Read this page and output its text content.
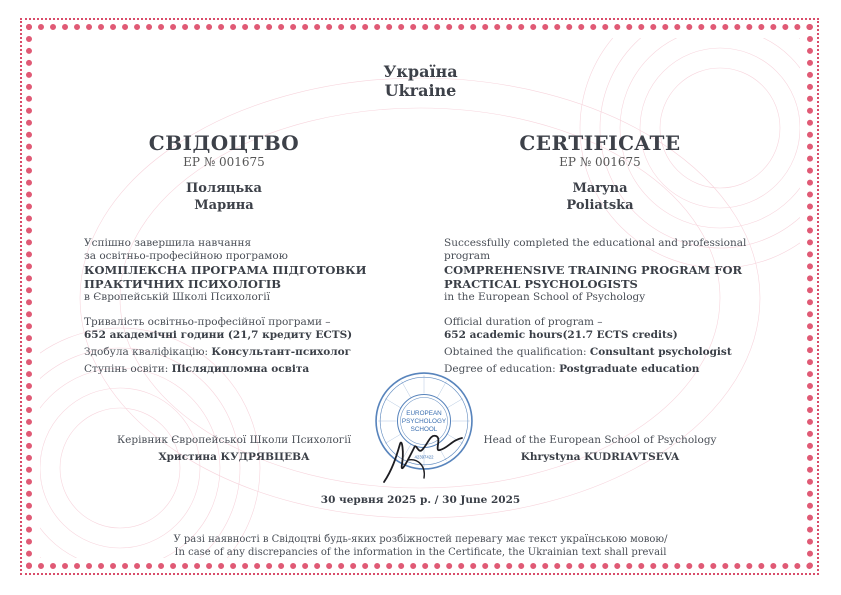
Україна
Ukraine
СВІДОЦТВО
ЕР № 001675
Поляцька
Марина
Успішно завершила навчання
за освітньо-професійною програмою
КОМПЛЕКСНА ПРОГРАМА ПІДГОТОВКИ
ПРАКТИЧНИХ ПСИХОЛОГІВ
в Європейській Школі Психології
Тривалість освітньо-професійної програми –
652 академічні години (21,7 кредиту ECTS)
Здобула кваліфікацію: Консультант-психолог
Ступінь освіти: Післядипломна освіта
Керівник Європейської Школи Психології
Христина КУДРЯВЦЕВА
CERTIFICATE
ЕР № 001675
Maryna
Poliatska
Successfully completed the educational and professional
program
COMPREHENSIVE TRAINING PROGRAM FOR
PRACTICAL PSYCHOLOGISTS
in the European School of Psychology
Official duration of program –
652 academic hours(21.7 ECTS credits)
Obtained the qualification: Consultant psychologist
Degree of education: Postgraduate education
Head of the European School of Psychology
Khrystyna KUDRIAVTSEVA
EUROPEAN
PSYCHOLOGY
SCHOOL
42397422
30 червня 2025 р. / 30 June 2025
У разі наявності в Свідоцтві будь-яких розбіжностей перевагу має текст українською мовою/
In case of any discrepancies of the information in the Certificate, the Ukrainian text shall prevail
